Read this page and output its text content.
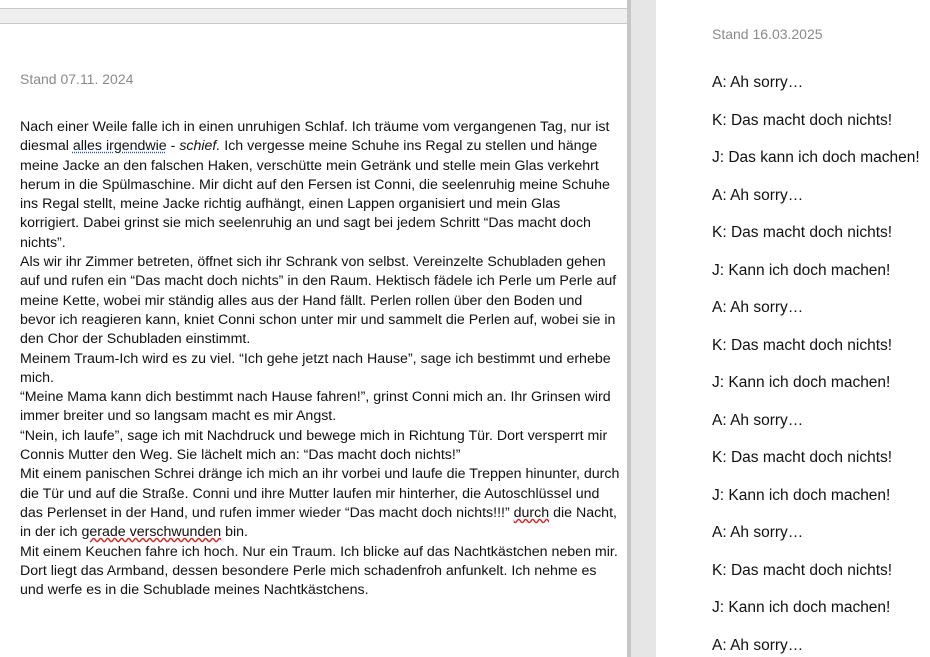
Stand 07.11. 2024

Nach einer Weile falle ich in einen unruhigen Schlaf. Ich träume vom vergangenen Tag, nur ist diesmal alles irgendwie - schief. Ich vergesse meine Schuhe ins Regal zu stellen und hänge meine Jacke an den falschen Haken, verschütte mein Getränk und stelle mein Glas verkehrt herum in die Spülmaschine. Mir dicht auf den Fersen ist Conni, die seelenruhig meine Schuhe ins Regal stellt, meine Jacke richtig aufhängt, einen Lappen organisiert und mein Glas korrigiert. Dabei grinst sie mich seelenruhig an und sagt bei jedem Schritt “Das macht doch nichts”.

Als wir ihr Zimmer betreten, öffnet sich ihr Schrank von selbst. Vereinzelte Schubladen gehen auf und rufen ein “Das macht doch nichts” in den Raum. Hektisch fädele ich Perle um Perle auf meine Kette, wobei mir ständig alles aus der Hand fällt. Perlen rollen über den Boden und bevor ich reagieren kann, kniet Conni schon unter mir und sammelt die Perlen auf, wobei sie in den Chor der Schubladen einstimmt.

Meinem Traum-Ich wird es zu viel. “Ich gehe jetzt nach Hause”, sage ich bestimmt und erhebe mich.

“Meine Mama kann dich bestimmt nach Hause fahren!”, grinst Conni mich an. Ihr Grinsen wird immer breiter und so langsam macht es mir Angst.

“Nein, ich laufe”, sage ich mit Nachdruck und bewege mich in Richtung Tür. Dort versperrt mir Connis Mutter den Weg. Sie lächelt mich an: “Das macht doch nichts!”

Mit einem panischen Schrei dränge ich mich an ihr vorbei und laufe die Treppen hinunter, durch die Tür und auf die Straße. Conni und ihre Mutter laufen mir hinterher, die Autoschlüssel und das Perlenset in der Hand, und rufen immer wieder “Das macht doch nichts!!!” durch die Nacht, in der ich gerade verschwunden bin.

Mit einem Keuchen fahre ich hoch. Nur ein Traum. Ich blicke auf das Nachtkästchen neben mir. Dort liegt das Armband, dessen besondere Perle mich schadenfroh anfunkelt. Ich nehme es und werfe es in die Schublade meines Nachtkästchens.

Stand 16.03.2025

A: Ah sorry…
K: Das macht doch nichts!
J: Das kann ich doch machen!
A: Ah sorry…
K: Das macht doch nichts!
J: Kann ich doch machen!
A: Ah sorry…
K: Das macht doch nichts!
J: Kann ich doch machen!
A: Ah sorry…
K: Das macht doch nichts!
J: Kann ich doch machen!
A: Ah sorry…
K: Das macht doch nichts!
J: Kann ich doch machen!
A: Ah sorry…
